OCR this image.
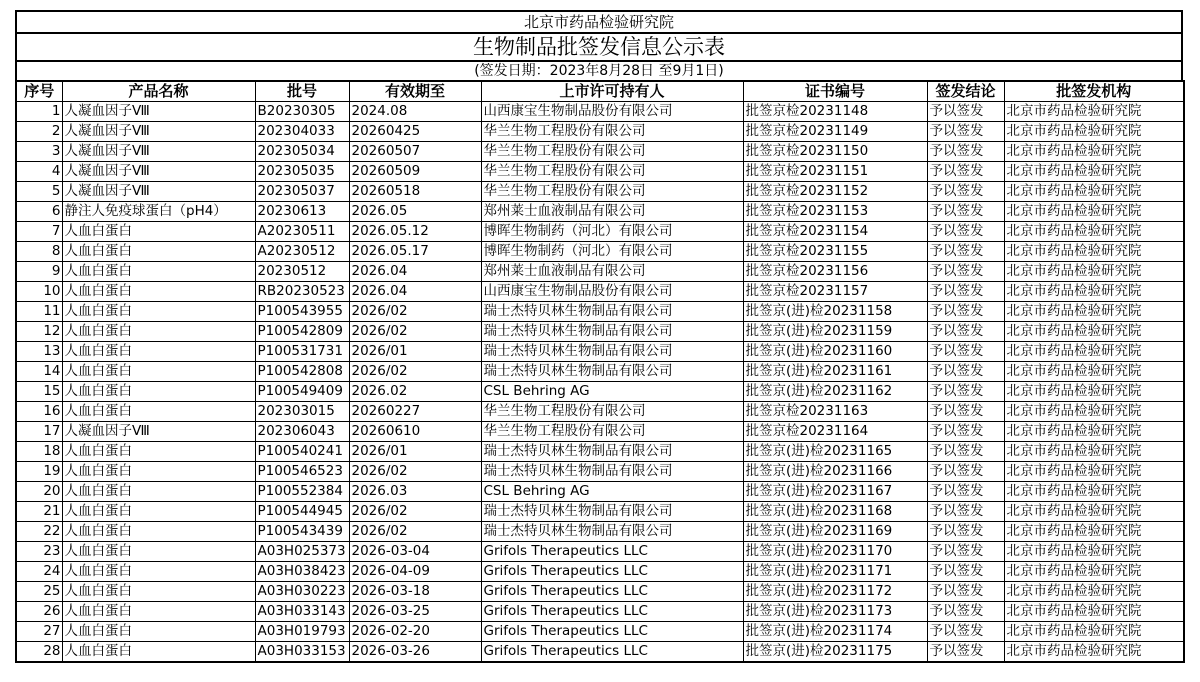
北京市药品检验研究院
生物制品批签发信息公示表
(签发日期：2023年8月28日 至9月1日)
序号	产品名称	批号	有效期至	上市许可持有人	证书编号	签发结论	批签发机构
1	人凝血因子Ⅷ	B20230305	2024.08	山西康宝生物制品股份有限公司	批签京检20231148	予以签发	北京市药品检验研究院
2	人凝血因子Ⅷ	202304033	20260425	华兰生物工程股份有限公司	批签京检20231149	予以签发	北京市药品检验研究院
3	人凝血因子Ⅷ	202305034	20260507	华兰生物工程股份有限公司	批签京检20231150	予以签发	北京市药品检验研究院
4	人凝血因子Ⅷ	202305035	20260509	华兰生物工程股份有限公司	批签京检20231151	予以签发	北京市药品检验研究院
5	人凝血因子Ⅷ	202305037	20260518	华兰生物工程股份有限公司	批签京检20231152	予以签发	北京市药品检验研究院
6	静注人免疫球蛋白（pH4）	20230613	2026.05	郑州莱士血液制品有限公司	批签京检20231153	予以签发	北京市药品检验研究院
7	人血白蛋白	A20230511	2026.05.12	博晖生物制药（河北）有限公司	批签京检20231154	予以签发	北京市药品检验研究院
8	人血白蛋白	A20230512	2026.05.17	博晖生物制药（河北）有限公司	批签京检20231155	予以签发	北京市药品检验研究院
9	人血白蛋白	20230512	2026.04	郑州莱士血液制品有限公司	批签京检20231156	予以签发	北京市药品检验研究院
10	人血白蛋白	RB20230523	2026.04	山西康宝生物制品股份有限公司	批签京检20231157	予以签发	北京市药品检验研究院
11	人血白蛋白	P100543955	2026/02	瑞士杰特贝林生物制品有限公司	批签京(进)检20231158	予以签发	北京市药品检验研究院
12	人血白蛋白	P100542809	2026/02	瑞士杰特贝林生物制品有限公司	批签京(进)检20231159	予以签发	北京市药品检验研究院
13	人血白蛋白	P100531731	2026/01	瑞士杰特贝林生物制品有限公司	批签京(进)检20231160	予以签发	北京市药品检验研究院
14	人血白蛋白	P100542808	2026/02	瑞士杰特贝林生物制品有限公司	批签京(进)检20231161	予以签发	北京市药品检验研究院
15	人血白蛋白	P100549409	2026.02	CSL Behring AG	批签京(进)检20231162	予以签发	北京市药品检验研究院
16	人血白蛋白	202303015	20260227	华兰生物工程股份有限公司	批签京检20231163	予以签发	北京市药品检验研究院
17	人凝血因子Ⅷ	202306043	20260610	华兰生物工程股份有限公司	批签京检20231164	予以签发	北京市药品检验研究院
18	人血白蛋白	P100540241	2026/01	瑞士杰特贝林生物制品有限公司	批签京(进)检20231165	予以签发	北京市药品检验研究院
19	人血白蛋白	P100546523	2026/02	瑞士杰特贝林生物制品有限公司	批签京(进)检20231166	予以签发	北京市药品检验研究院
20	人血白蛋白	P100552384	2026.03	CSL Behring AG	批签京(进)检20231167	予以签发	北京市药品检验研究院
21	人血白蛋白	P100544945	2026/02	瑞士杰特贝林生物制品有限公司	批签京(进)检20231168	予以签发	北京市药品检验研究院
22	人血白蛋白	P100543439	2026/02	瑞士杰特贝林生物制品有限公司	批签京(进)检20231169	予以签发	北京市药品检验研究院
23	人血白蛋白	A03H025373	2026-03-04	Grifols Therapeutics LLC	批签京(进)检20231170	予以签发	北京市药品检验研究院
24	人血白蛋白	A03H038423	2026-04-09	Grifols Therapeutics LLC	批签京(进)检20231171	予以签发	北京市药品检验研究院
25	人血白蛋白	A03H030223	2026-03-18	Grifols Therapeutics LLC	批签京(进)检20231172	予以签发	北京市药品检验研究院
26	人血白蛋白	A03H033143	2026-03-25	Grifols Therapeutics LLC	批签京(进)检20231173	予以签发	北京市药品检验研究院
27	人血白蛋白	A03H019793	2026-02-20	Grifols Therapeutics LLC	批签京(进)检20231174	予以签发	北京市药品检验研究院
28	人血白蛋白	A03H033153	2026-03-26	Grifols Therapeutics LLC	批签京(进)检20231175	予以签发	北京市药品检验研究院
